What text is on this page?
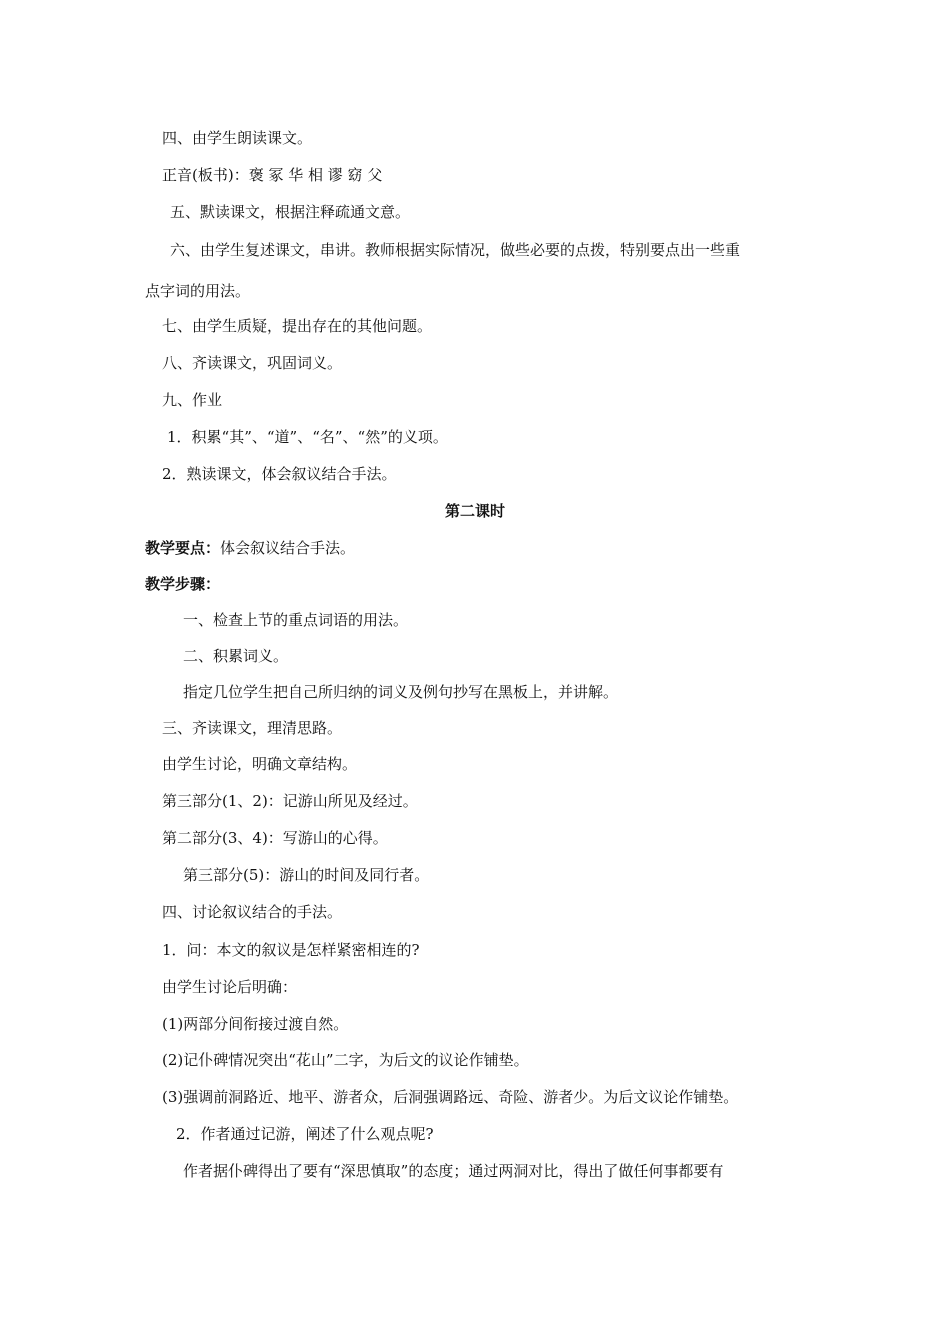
四、由学生朗读课文。
正音(板书)：褒 冢 华 相 谬 窈 父
五、默读课文，根据注释疏通文意。
六、由学生复述课文，串讲。教师根据实际情况，做些必要的点拨，特别要点出一些重
点字词的用法。
七、由学生质疑，提出存在的其他问题。
八、齐读课文，巩固词义。
九、作业
1．积累“其”、“道”、“名”、“然”的义项。
2．熟读课文，体会叙议结合手法。
第二课时
教学要点：体会叙议结合手法。
教学步骤：
一、检查上节的重点词语的用法。
二、积累词义。
指定几位学生把自己所归纳的词义及例句抄写在黑板上，并讲解。
三、齐读课文，理清思路。
由学生讨论，明确文章结构。
第三部分(1、2)：记游山所见及经过。
第二部分(3、4)：写游山的心得。
第三部分(5)：游山的时间及同行者。
四、讨论叙议结合的手法。
1．问：本文的叙议是怎样紧密相连的?
由学生讨论后明确：
(1)两部分间衔接过渡自然。
(2)记仆碑情况突出“花山”二字，为后文的议论作铺垫。
(3)强调前洞路近、地平、游者众，后洞强调路远、奇险、游者少。为后文议论作铺垫。
2．作者通过记游，阐述了什么观点呢?
作者据仆碑得出了要有“深思慎取”的态度；通过两洞对比，得出了做任何事都要有
